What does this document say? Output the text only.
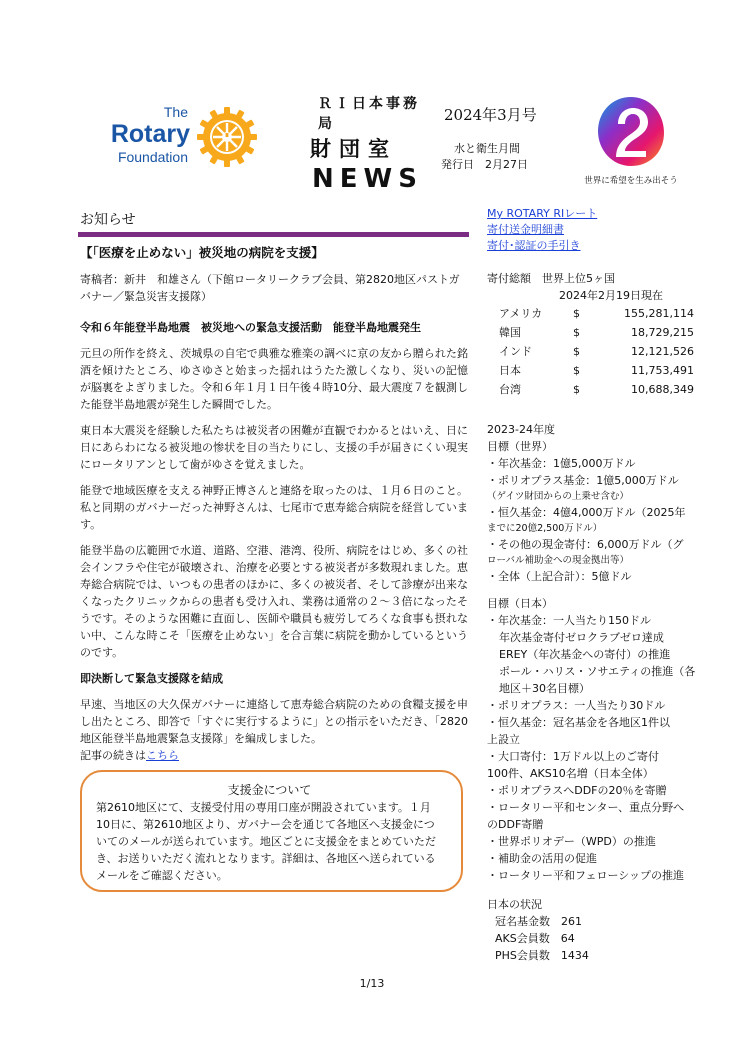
The
Rotary
Foundation
ＲＩ日本事務局
財団室
NEWS
2024年3月号
水と衛生月間
発行日　2月27日
世界に希望を生み出そう
お知らせ
【「医療を止めない」被災地の病院を支援】
寄稿者：新井　和雄さん（下館ロータリークラブ会員、第2820地区パストガバナー／緊急災害支援隊）

令和６年能登半島地震　被災地への緊急支援活動　能登半島地震発生

元旦の所作を終え、茨城県の自宅で典雅な雅楽の調べに京の友から贈られた銘酒を傾けたところ、ゆさゆさと始まった揺れはうたた激しくなり、災いの記憶が脳裏をよぎりました。令和６年１月１日午後４時10分、最大震度７を観測した能登半島地震が発生した瞬間でした。

東日本大震災を経験した私たちは被災者の困難が直観でわかるとはいえ、日に日にあらわになる被災地の惨状を目の当たりにし、支援の手が届きにくい現実にロータリアンとして歯がゆさを覚えました。

能登で地域医療を支える神野正博さんと連絡を取ったのは、１月６日のこと。私と同期のガバナーだった神野さんは、七尾市で恵寿総合病院を経営しています。

能登半島の広範囲で水道、道路、空港、港湾、役所、病院をはじめ、多くの社会インフラや住宅が破壊され、治療を必要とする被災者が多数現れました。恵寿総合病院では、いつもの患者のほかに、多くの被災者、そして診療が出来なくなったクリニックからの患者も受け入れ、業務は通常の２～３倍になったそうです。そのような困難に直面し、医師や職員も疲労してろくな食事も摂れない中、こんな時こそ「医療を止めない」を合言葉に病院を動かしているというのです。

即決断して緊急支援隊を結成

早速、当地区の大久保ガバナーに連絡して恵寿総合病院のための食糧支援を申し出たところ、即答で「すぐに実行するように」との指示をいただき、「2820地区能登半島地震緊急支援隊」を編成しました。

記事の続きはこちら
支援金について
第2610地区にて、支援受付用の専用口座が開設されています。１月10日に、第2610地区より、ガバナー会を通じて各地区へ支援金についてのメールが送られています。地区ごとに支援金をまとめていただき、お送りいただく流れとなります。詳細は、各地区へ送られているメールをご確認ください。
1/13
My ROTARY RIレート
寄付送金明細書
寄付･認証の手引き
寄付総額　世界上位5ヶ国
2024年2月19日現在
アメリカ	$	155,281,114
韓国	$	18,729,215
インド	$	12,121,526
日本	$	11,753,491
台湾	$	10,688,349
2023-24年度
目標（世界）
・年次基金：1億5,000万ドル
・ポリオプラス基金：1億5,000万ドル
（ゲイツ財団からの上乗せ含む）
・恒久基金：4億4,000万ドル（2025年
までに20億2,500万ドル）
・その他の現金寄付：6,000万ドル（グ
ローバル補助金への現金拠出等）
・全体（上記合計）：5億ドル
目標（日本）
・年次基金：一人当たり150ドル
年次基金寄付ゼロクラブゼロ達成
EREY（年次基金への寄付）の推進
ポール・ハリス・ソサエティの推進（各
地区＋30名目標）
・ポリオプラス：一人当たり30ドル
・恒久基金：冠名基金を各地区1件以
上設立
・大口寄付：1万ドル以上のご寄付
100件、AKS10名増（日本全体）
・ポリオプラスへDDFの20％を寄贈
・ロータリー平和センター、重点分野へ
のDDF寄贈
・世界ポリオデー（WPD）の推進
・補助金の活用の促進
・ロータリー平和フェローシップの推進
日本の状況
冠名基金数　261
AKS会員数　64
PHS会員数　1434
